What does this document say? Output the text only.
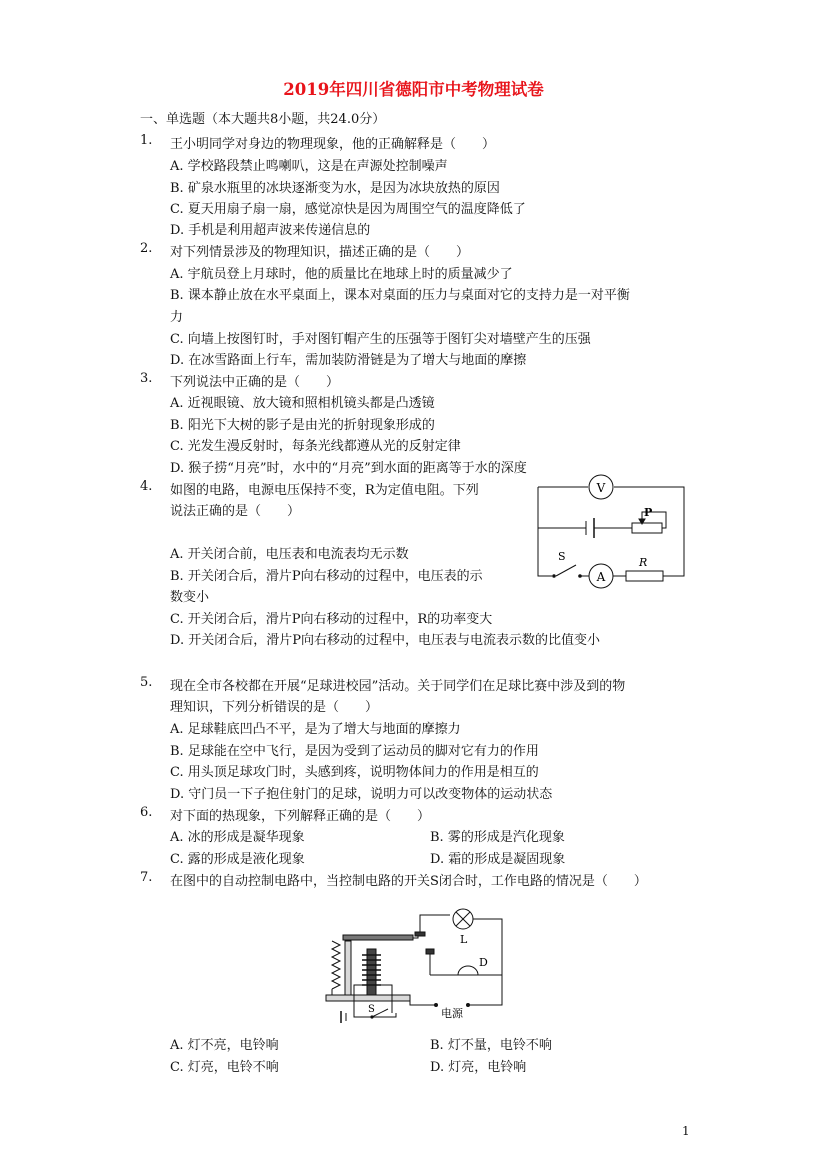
2019年四川省德阳市中考物理试卷
一、单选题（本大题共8小题，共24.0分）
1. 王小明同学对身边的物理现象，他的正确解释是（　　）
A. 学校路段禁止鸣喇叭，这是在声源处控制噪声
B. 矿泉水瓶里的冰块逐渐变为水，是因为冰块放热的原因
C. 夏天用扇子扇一扇，感觉凉快是因为周围空气的温度降低了
D. 手机是利用超声波来传递信息的
2. 对下列情景涉及的物理知识，描述正确的是（　　）
A. 宇航员登上月球时，他的质量比在地球上时的质量减少了
B. 课本静止放在水平桌面上，课本对桌面的压力与桌面对它的支持力是一对平衡
力
C. 向墙上按图钉时，手对图钉帽产生的压强等于图钉尖对墙壁产生的压强
D. 在冰雪路面上行车，需加装防滑链是为了增大与地面的摩擦
3. 下列说法中正确的是（　　）
A. 近视眼镜、放大镜和照相机镜头都是凸透镜
B. 阳光下大树的影子是由光的折射现象形成的
C. 光发生漫反射时，每条光线都遵从光的反射定律
D. 猴子捞“月亮”时，水中的“月亮”到水面的距离等于水的深度
4. 如图的电路，电源电压保持不变，R为定值电阻。下列
说法正确的是（　　）
A. 开关闭合前，电压表和电流表均无示数
B. 开关闭合后，滑片P向右移动的过程中，电压表的示
数变小
C. 开关闭合后，滑片P向右移动的过程中，R的功率变大
D. 开关闭合后，滑片P向右移动的过程中，电压表与电流表示数的比值变小
V
A
P
S	R
5. 现在全市各校都在开展“足球进校园”活动。关于同学们在足球比赛中涉及到的物
理知识，下列分析错误的是（　　）
A. 足球鞋底凹凸不平，是为了增大与地面的摩擦力
B. 足球能在空中飞行，是因为受到了运动员的脚对它有力的作用
C. 用头顶足球攻门时，头感到疼，说明物体间力的作用是相互的
D. 守门员一下子抱住射门的足球，说明力可以改变物体的运动状态
6. 对下面的热现象，下列解释正确的是（　　）
A. 冰的形成是凝华现象	B. 雾的形成是汽化现象
C. 露的形成是液化现象	D. 霜的形成是凝固现象
7. 在图中的自动控制电路中，当控制电路的开关S闭合时，工作电路的情况是（　　）
L
D
S	电源
A. 灯不亮，电铃响	B. 灯不量，电铃不响
C. 灯亮，电铃不响	D. 灯亮，电铃响
1
